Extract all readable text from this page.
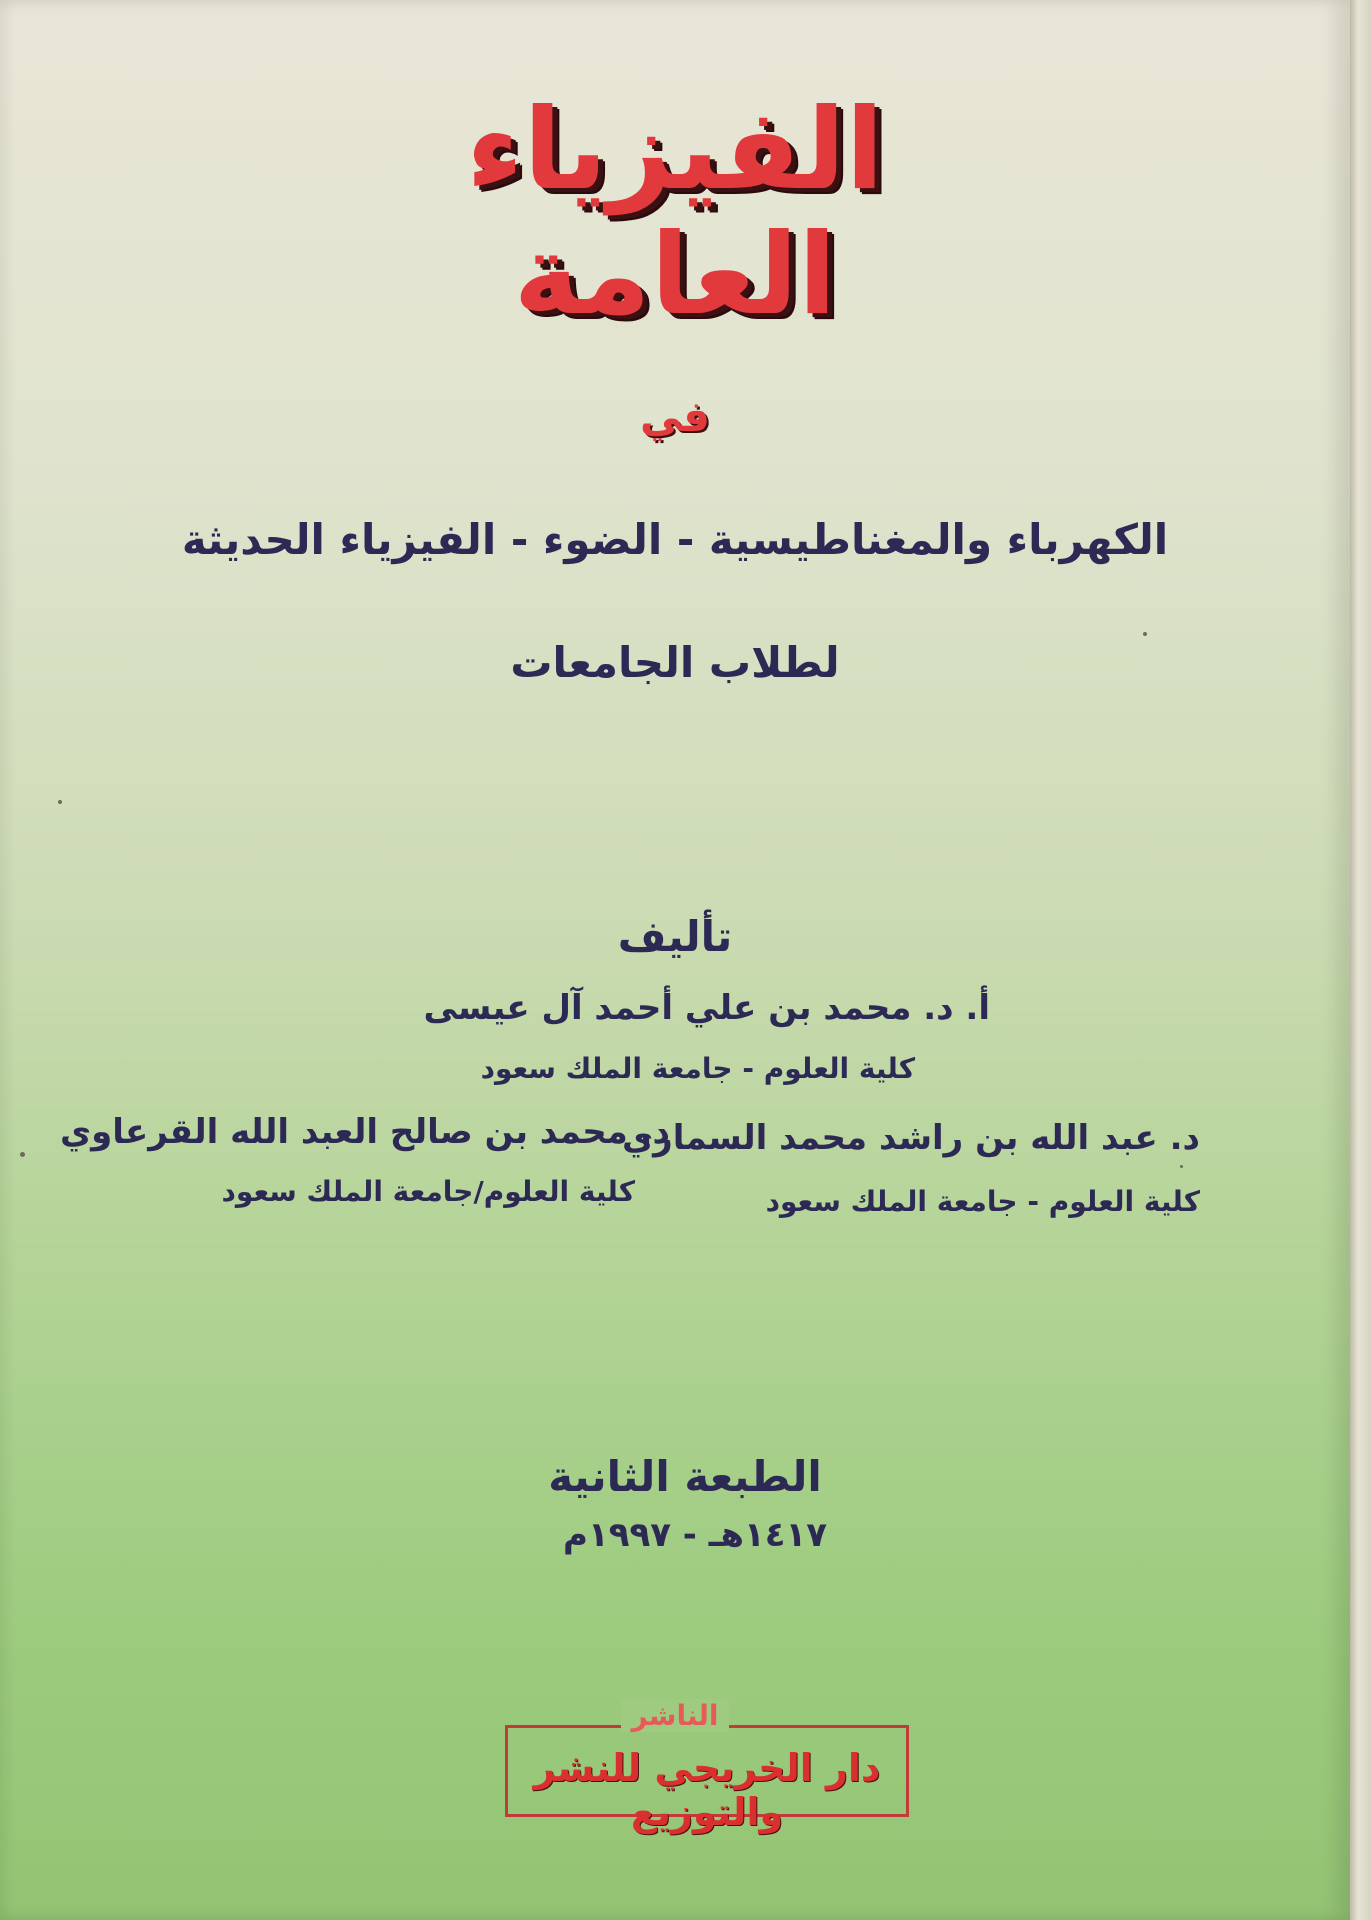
الفيزياء
العامة
في
الكهرباء والمغناطيسية - الضوء - الفيزياء الحديثة
لطلاب الجامعات
تأليف
أ. د. محمد بن علي أحمد آل عيسى
كلية العلوم - جامعة الملك سعود
د. عبد الله بن راشد محمد السماري
كلية العلوم - جامعة الملك سعود
د. محمد بن صالح العبد الله القرعاوي
كلية العلوم/جامعة الملك سعود
الطبعة الثانية
١٤١٧هـ - ١٩٩٧م
الناشر
دار الخريجي للنشر والتوزيع
